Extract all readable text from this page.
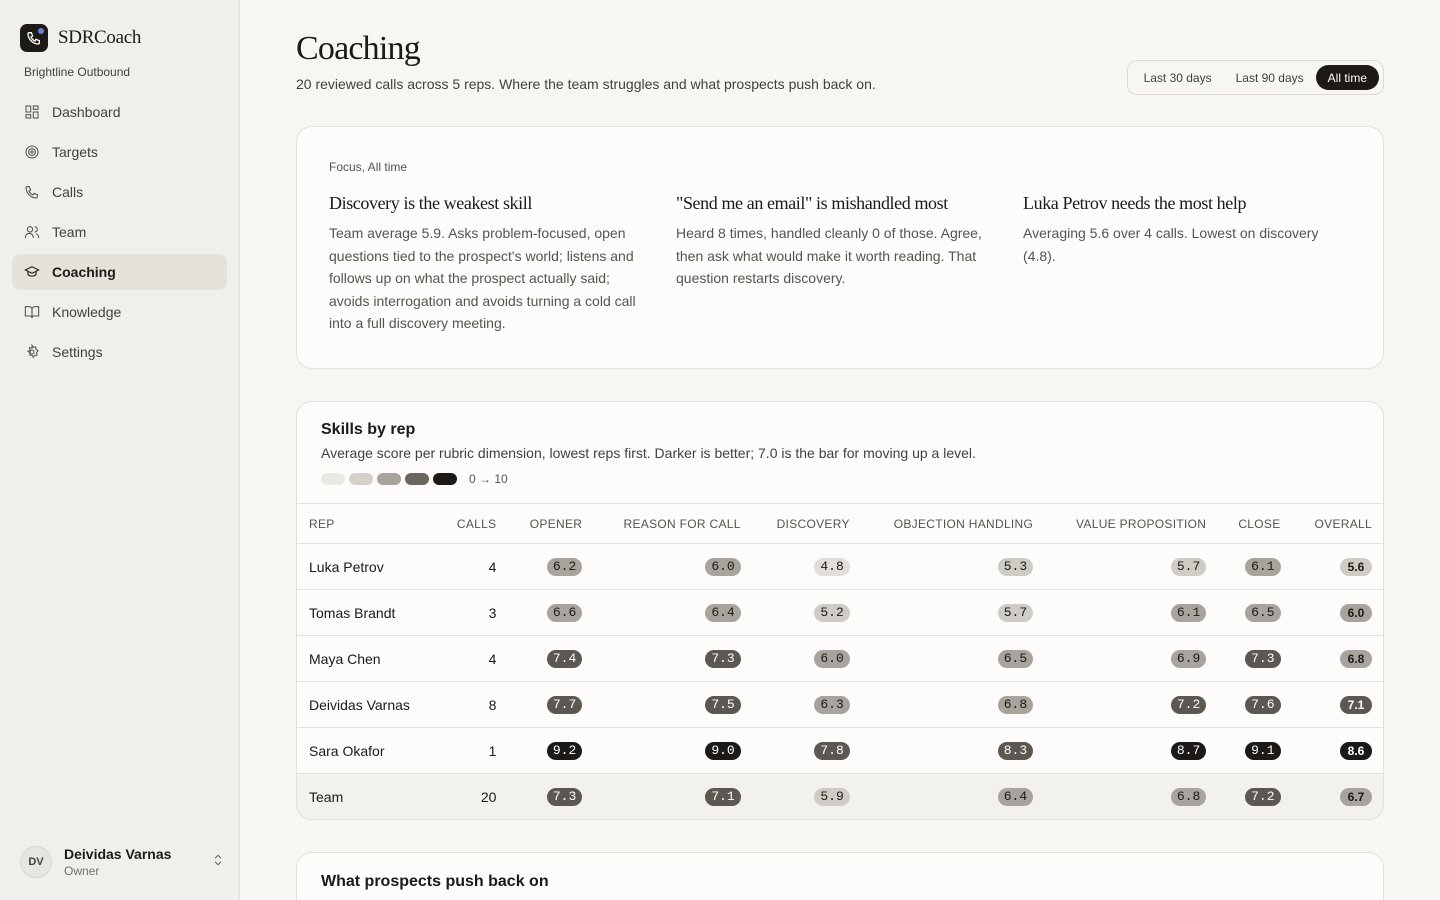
SDRCoach
Brightline Outbound
Dashboard
Targets
Calls
Team
Coaching
Knowledge
Settings
DV	Deividas Varnas
Owner
Coaching

20 reviewed calls across 5 reps. Where the team struggles and what prospects push back on.	Last 30 days	Last 90 days	All time
Focus, All time
Discovery is the weakest skill
Team average 5.9. Asks problem-focused, open questions tied to the prospect's world; listens and follows up on what the prospect actually said; avoids interrogation and avoids turning a cold call into a full discovery meeting.
"Send me an email" is mishandled most
Heard 8 times, handled cleanly 0 of those. Agree, then ask what would make it worth reading. That question restarts discovery.
Luka Petrov needs the most help
Averaging 5.6 over 4 calls. Lowest on discovery (4.8).
Skills by rep
Average score per rubric dimension, lowest reps first. Darker is better; 7.0 is the bar for moving up a level.
0 → 10
REP	CALLS	OPENER	REASON FOR CALL	DISCOVERY	OBJECTION HANDLING	VALUE PROPOSITION	CLOSE	OVERALL
Luka Petrov	4	6.2	6.0	4.8	5.3	5.7	6.1	5.6
Tomas Brandt	3	6.6	6.4	5.2	5.7	6.1	6.5	6.0
Maya Chen	4	7.4	7.3	6.0	6.5	6.9	7.3	6.8
Deividas Varnas	8	7.7	7.5	6.3	6.8	7.2	7.6	7.1
Sara Okafor	1	9.2	9.0	7.8	8.3	8.7	9.1	8.6
Team	20	7.3	7.1	5.9	6.4	6.8	7.2	6.7
What prospects push back on
